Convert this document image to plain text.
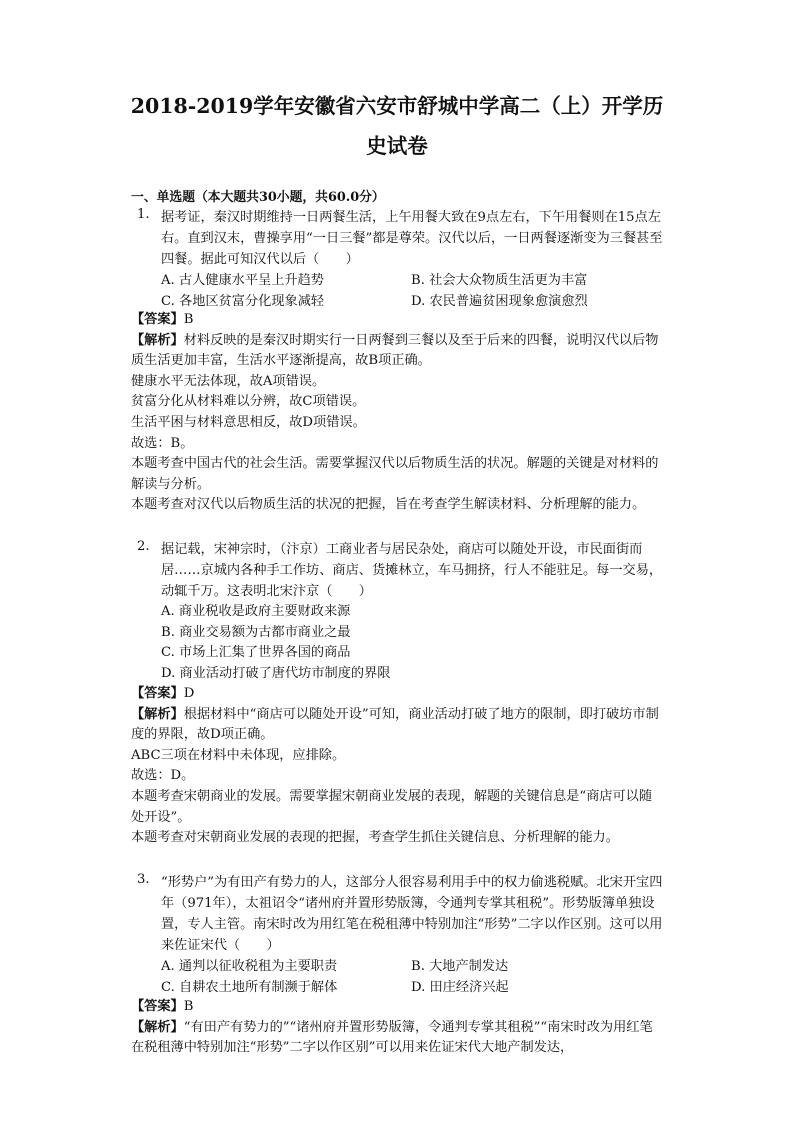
2018-2019学年安徽省六安市舒城中学高二（上）开学历
史试卷
一、单选题（本大题共30小题，共60.0分）
1. 据考证，秦汉时期维持一日两餐生活，上午用餐大致在9点左右，下午用餐则在15点左右。直到汉末，曹操享用“一日三餐”都是尊荣。汉代以后，一日两餐逐渐变为三餐甚至四餐。据此可知汉代以后（　　）
A. 古人健康水平呈上升趋势	B. 社会大众物质生活更为丰富
C. 各地区贫富分化现象减轻	D. 农民普遍贫困现象愈演愈烈
【答案】B
【解析】材料反映的是秦汉时期实行一日两餐到三餐以及至于后来的四餐，说明汉代以后物质生活更加丰富，生活水平逐渐提高，故B项正确。
健康水平无法体现，故A项错误。
贫富分化从材料难以分辨，故C项错误。
生活平困与材料意思相反，故D项错误。
故选：B。
本题考查中国古代的社会生活。需要掌握汉代以后物质生活的状况。解题的关键是对材料的解读与分析。
本题考查对汉代以后物质生活的状况的把握，旨在考查学生解读材料、分析理解的能力。
2. 据记载，宋神宗时，（汴京）工商业者与居民杂处，商店可以随处开设，市民面街而居……京城内各种手工作坊、商店、货摊林立，车马拥挤，行人不能驻足。每一交易，动辄千万。这表明北宋汴京（　　）
A. 商业税收是政府主要财政来源
B. 商业交易额为古都市商业之最
C. 市场上汇集了世界各国的商品
D. 商业活动打破了唐代坊市制度的界限
【答案】D
【解析】根据材料中“商店可以随处开设”可知，商业活动打破了地方的限制，即打破坊市制度的界限，故D项正确。
ABC三项在材料中未体现，应排除。
故选：D。
本题考查宋朝商业的发展。需要掌握宋朝商业发展的表现，解题的关键信息是“商店可以随处开设”。
本题考查对宋朝商业发展的表现的把握，考查学生抓住关键信息、分析理解的能力。
3. “形势户”为有田产有势力的人，这部分人很容易利用手中的权力偷逃税赋。北宋开宝四年（971年），太祖诏令“诸州府并置形势版簿，令通判专掌其租税”。形势版簿单独设置，专人主管。南宋时改为用红笔在税租薄中特别加注“形势”二字以作区别。这可以用来佐证宋代（　　）
A. 通判以征收税租为主要职责	B. 大地产制发达
C. 自耕农土地所有制濒于解体	D. 田庄经济兴起
【答案】B
【解析】“有田产有势力的”“诸州府并置形势版簿，令通判专掌其租税”“南宋时改为用红笔在税租薄中特别加注“形势”二字以作区别”可以用来佐证宋代大地产制发达，
